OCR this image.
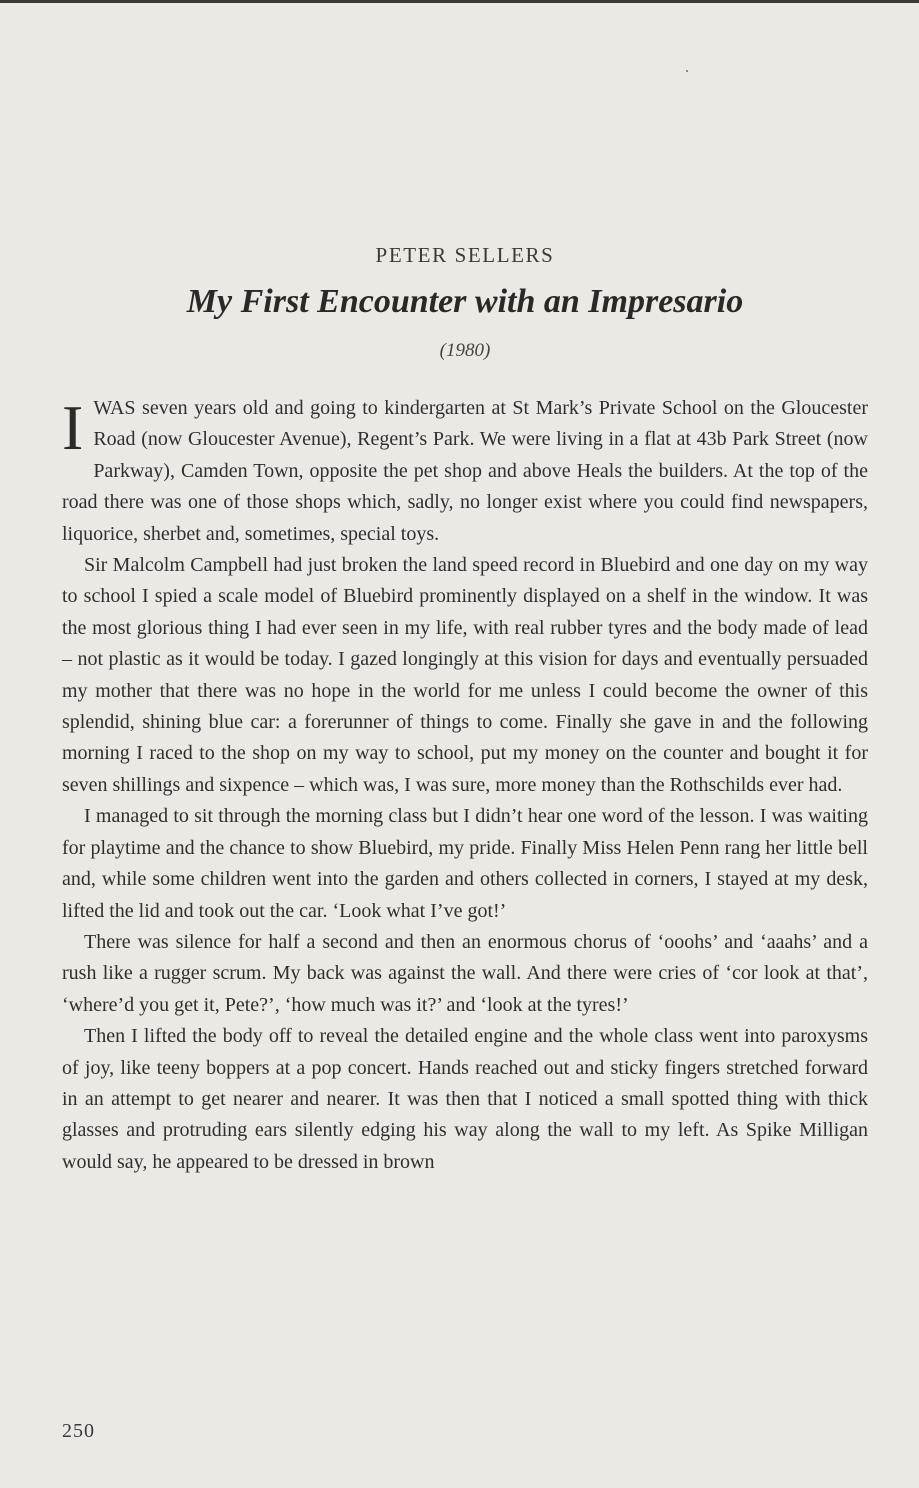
PETER SELLERS
My First Encounter with an Impresario
(1980)

I WAS seven years old and going to kindergarten at St Mark’s Private School on the Gloucester Road (now Gloucester Avenue), Regent’s Park. We were living in a flat at 43b Park Street (now Parkway), Camden Town, opposite the pet shop and above Heals the builders. At the top of the road there was one of those shops which, sadly, no longer exist where you could find newspapers, liquorice, sherbet and, sometimes, special toys.

Sir Malcolm Campbell had just broken the land speed record in Bluebird and one day on my way to school I spied a scale model of Bluebird prominently displayed on a shelf in the window. It was the most glorious thing I had ever seen in my life, with real rubber tyres and the body made of lead – not plastic as it would be today. I gazed longingly at this vision for days and eventually persuaded my mother that there was no hope in the world for me unless I could become the owner of this splendid, shining blue car: a forerunner of things to come. Finally she gave in and the following morning I raced to the shop on my way to school, put my money on the counter and bought it for seven shillings and sixpence – which was, I was sure, more money than the Rothschilds ever had.

I managed to sit through the morning class but I didn’t hear one word of the lesson. I was waiting for playtime and the chance to show Bluebird, my pride. Finally Miss Helen Penn rang her little bell and, while some children went into the garden and others collected in corners, I stayed at my desk, lifted the lid and took out the car. ‘Look what I’ve got!’

There was silence for half a second and then an enormous chorus of ‘ooohs’ and ‘aaahs’ and a rush like a rugger scrum. My back was against the wall. And there were cries of ‘cor look at that’, ‘where’d you get it, Pete?’, ‘how much was it?’ and ‘look at the tyres!’

Then I lifted the body off to reveal the detailed engine and the whole class went into paroxysms of joy, like teeny boppers at a pop concert. Hands reached out and sticky fingers stretched forward in an attempt to get nearer and nearer. It was then that I noticed a small spotted thing with thick glasses and protruding ears silently edging his way along the wall to my left. As Spike Milligan would say, he appeared to be dressed in brown

250
